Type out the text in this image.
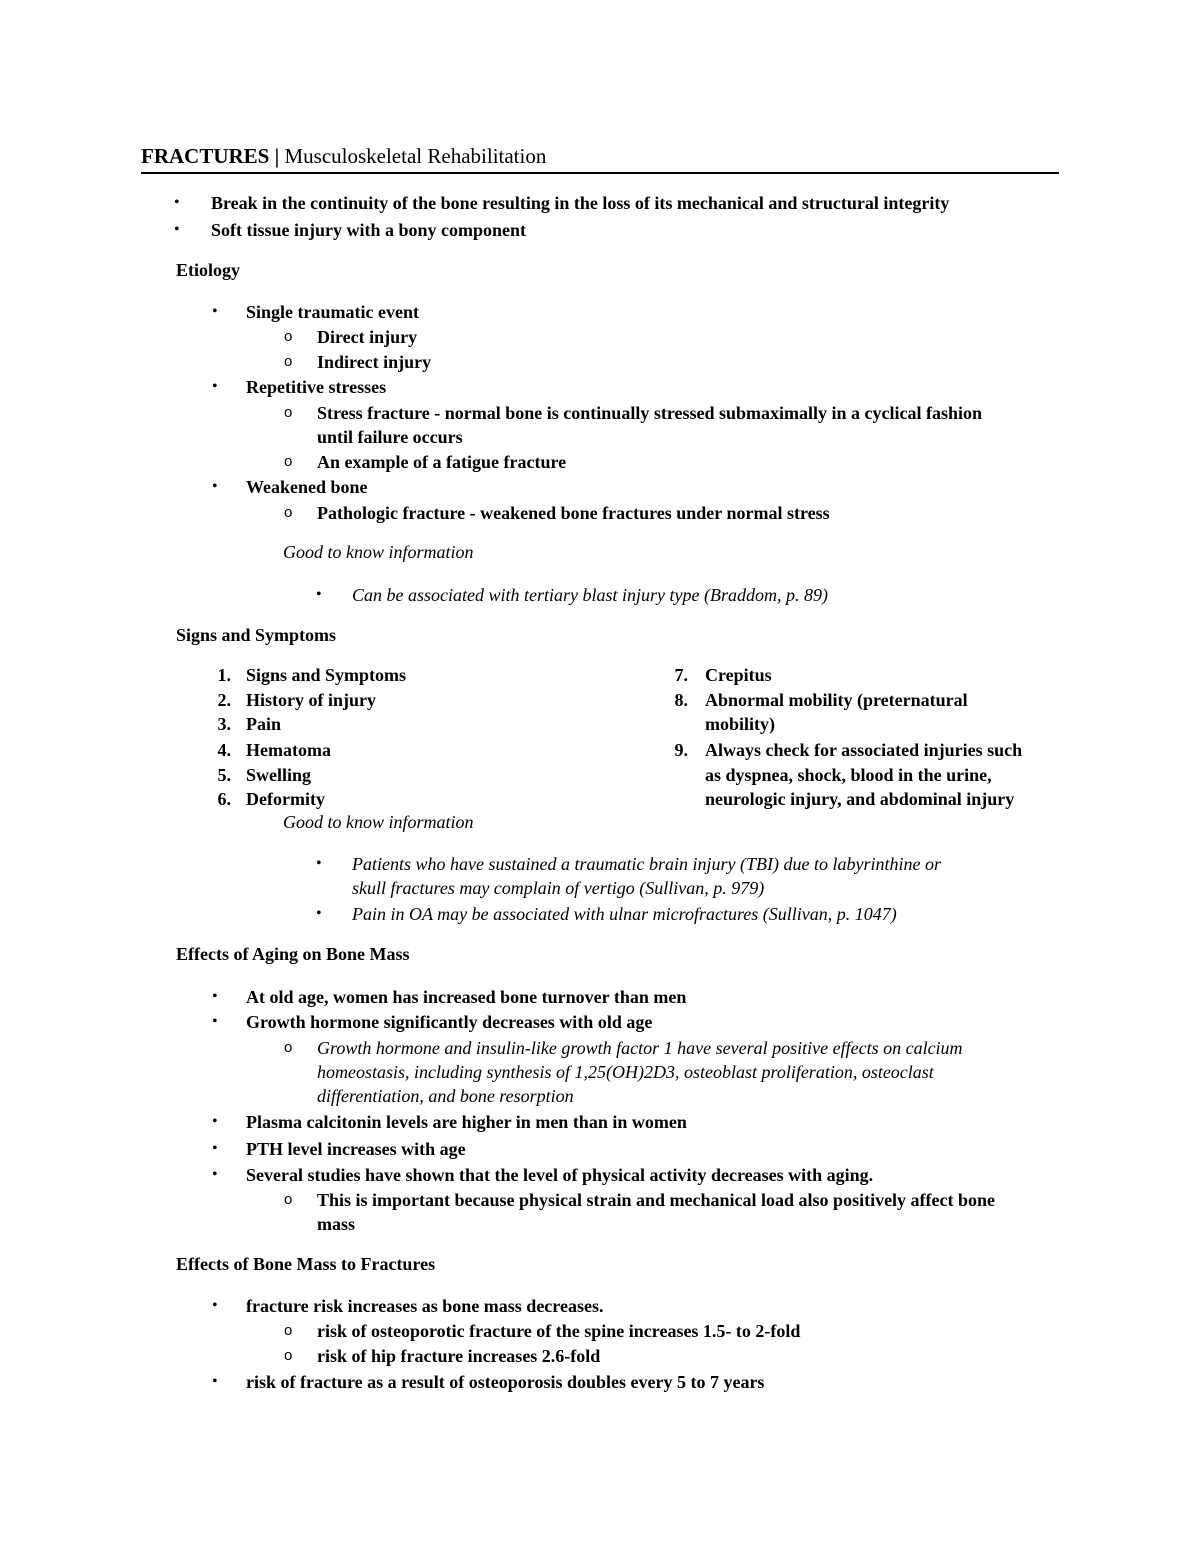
FRACTURES | Musculoskeletal Rehabilitation
• Break in the continuity of the bone resulting in the loss of its mechanical and structural integrity
• Soft tissue injury with a bony component
Etiology
• Single traumatic event
o Direct injury
o Indirect injury
• Repetitive stresses
o Stress fracture - normal bone is continually stressed submaximally in a cyclical fashion
until failure occurs
o An example of a fatigue fracture
• Weakened bone
o Pathologic fracture - weakened bone fractures under normal stress
Good to know information
• Can be associated with tertiary blast injury type (Braddom, p. 89)
Signs and Symptoms
1. Signs and Symptoms
2. History of injury
3. Pain
4. Hematoma
5. Swelling
6. Deformity
7. Crepitus
8. Abnormal mobility (preternatural
mobility)
9. Always check for associated injuries such
as dyspnea, shock, blood in the urine,
neurologic injury, and abdominal injury
Good to know information
• Patients who have sustained a traumatic brain injury (TBI) due to labyrinthine or
skull fractures may complain of vertigo (Sullivan, p. 979)
• Pain in OA may be associated with ulnar microfractures (Sullivan, p. 1047)
Effects of Aging on Bone Mass
• At old age, women has increased bone turnover than men
• Growth hormone significantly decreases with old age
o Growth hormone and insulin-like growth factor 1 have several positive effects on calcium
homeostasis, including synthesis of 1,25(OH)2D3, osteoblast proliferation, osteoclast
differentiation, and bone resorption
• Plasma calcitonin levels are higher in men than in women
• PTH level increases with age
• Several studies have shown that the level of physical activity decreases with aging.
o This is important because physical strain and mechanical load also positively affect bone
mass
Effects of Bone Mass to Fractures
• fracture risk increases as bone mass decreases.
o risk of osteoporotic fracture of the spine increases 1.5- to 2-fold
o risk of hip fracture increases 2.6-fold
• risk of fracture as a result of osteoporosis doubles every 5 to 7 years
